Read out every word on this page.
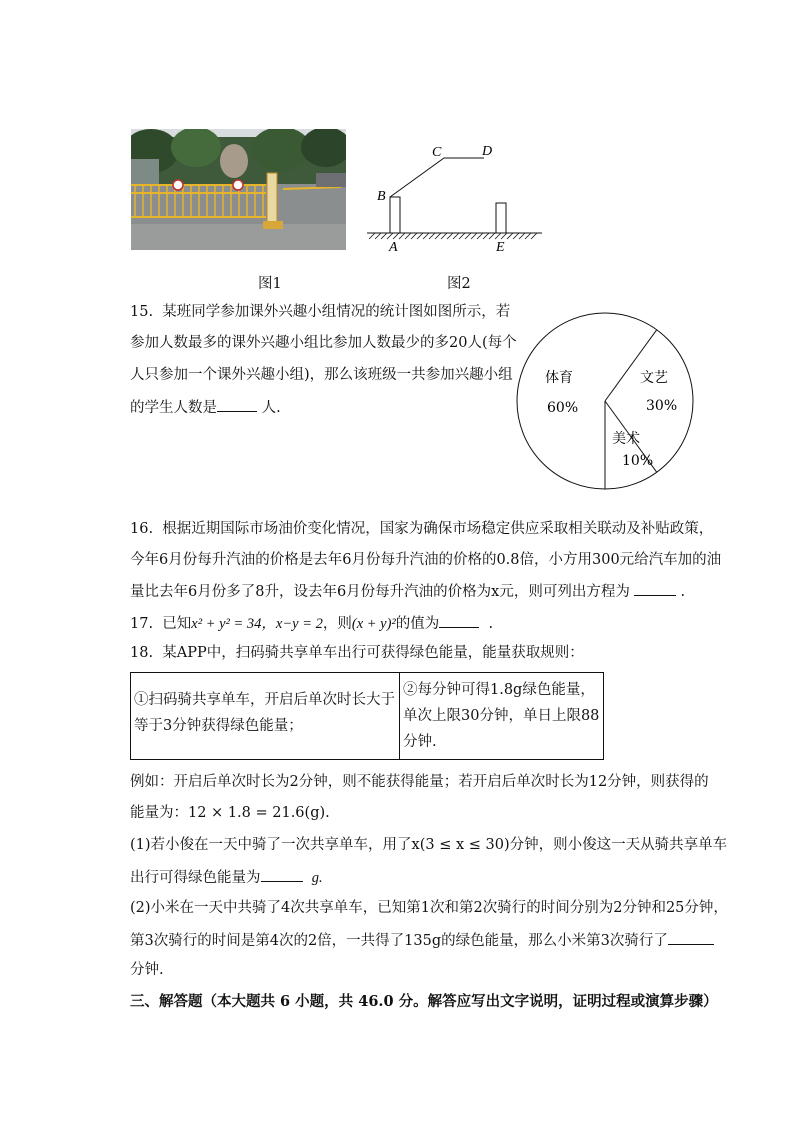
B
C	D
A	E
图1	图2
15. 某班同学参加课外兴趣小组情况的统计图如图所示，若
参加人数最多的课外兴趣小组比参加人数最少的多20人(每个
人只参加一个课外兴趣小组)，那么该班级一共参加兴趣小组
的学生人数是	人.
体育
60%
文艺
30%
美术
10%
16. 根据近期国际市场油价变化情况，国家为确保市场稳定供应采取相关联动及补贴政策，
今年6月份每升汽油的价格是去年6月份每升汽油的价格的0.8倍，小方用300元给汽车加的油
量比去年6月份多了8升，设去年6月份每升汽油的价格为x元，则可列出方程为	.
17. 已知x² + y² = 34，x−y = 2，则(x + y)²的值为	.
18. 某APP中，扫码骑共享单车出行可获得绿色能量，能量获取规则：
①扫码骑共享单车，开启后单次时长大于等于3分钟获得绿色能量；	②每分钟可得1.8g绿色能量，单次上限30分钟，单日上限88分钟.
例如：开启后单次时长为2分钟，则不能获得能量；若开启后单次时长为12分钟，则获得的
能量为：12 × 1.8 = 21.6(g).
(1)若小俊在一天中骑了一次共享单车，用了x(3 ≤ x ≤ 30)分钟，则小俊这一天从骑共享单车
出行可得绿色能量为	g.
(2)小米在一天中共骑了4次共享单车，已知第1次和第2次骑行的时间分别为2分钟和25分钟，
第3次骑行的时间是第4次的2倍，一共得了135g的绿色能量，那么小米第3次骑行了
分钟.
三、解答题（本大题共 6 小题，共 46.0 分。解答应写出文字说明，证明过程或演算步骤）
